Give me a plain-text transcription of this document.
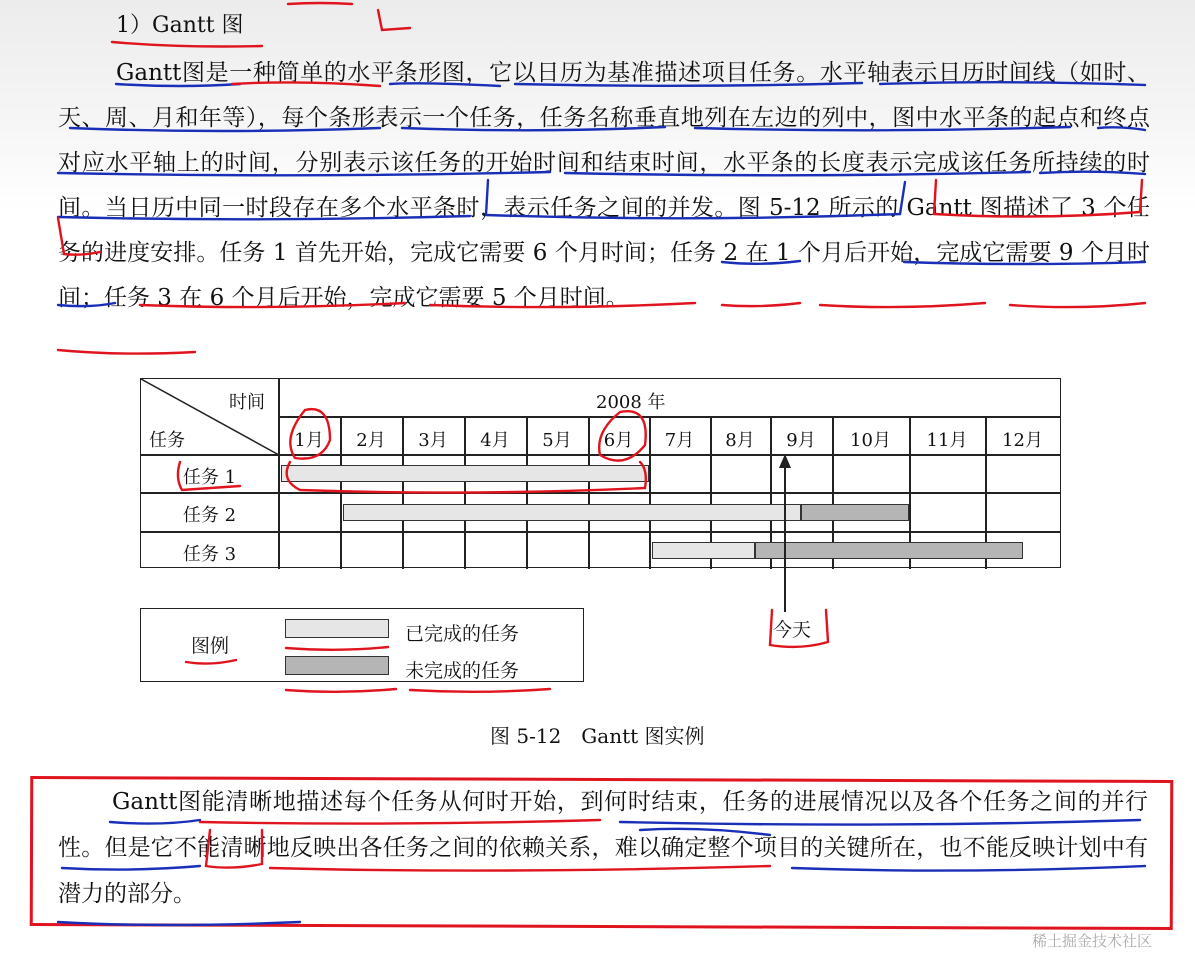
1）Gantt 图
Gantt图是一种简单的水平条形图，它以日历为基准描述项目任务。水平轴表示日历时间线（如时、天、周、月和年等），每个条形表示一个任务，任务名称垂直地列在左边的列中，图中水平条的起点和终点对应水平轴上的时间，分别表示该任务的开始时间和结束时间，水平条的长度表示完成该任务所持续的时间。当日历中同一时段存在多个水平条时，表示任务之间的并发。图 5-12 所示的 Gantt 图描述了 3 个任务的进度安排。任务 1 首先开始，完成它需要 6 个月时间；任务 2 在 1 个月后开始，完成它需要 9 个月时间；任务 3 在 6 个月后开始，完成它需要 5 个月时间。
时间
任务
2008 年
1月	2月	3月	4月	5月	6月	7月	8月	9月	10月	11月	12月
任务 1
任务 2
任务 3
今天
图例
已完成的任务
未完成的任务
图 5-12　Gantt 图实例
Gantt图能清晰地描述每个任务从何时开始，到何时结束，任务的进展情况以及各个任务之间的并行性。但是它不能清晰地反映出各任务之间的依赖关系，难以确定整个项目的关键所在，也不能反映计划中有潜力的部分。
稀土掘金技术社区
